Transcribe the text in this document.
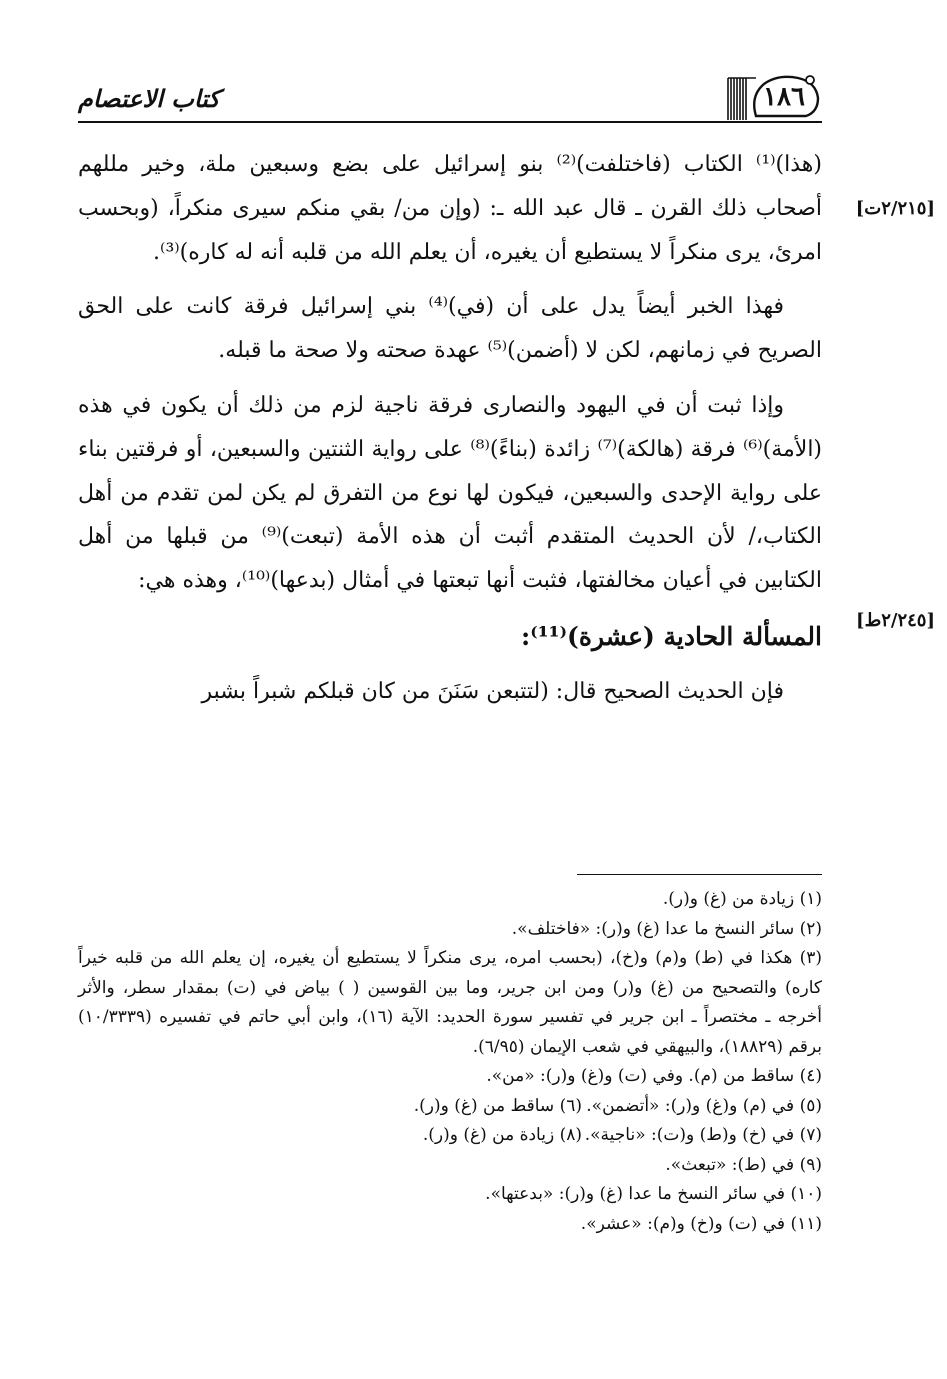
كتاب الاعتصام	١٨٦
[٢/٢١٥ت]
[٢/٢٤٥ط]

(هذا)⁽¹⁾ الكتاب (فاختلفت)⁽²⁾ بنو إسرائيل على بضع وسبعين ملة، وخير مللهم أصحاب ذلك القرن ـ قال عبد الله ـ: (وإن من/ بقي منكم سيرى منكراً، (وبحسب امرئ، يرى منكراً لا يستطيع أن يغيره، أن يعلم الله من قلبه أنه له كاره)⁽³⁾.

فهذا الخبر أيضاً يدل على أن (في)⁽⁴⁾ بني إسرائيل فرقة كانت على الحق الصريح في زمانهم، لكن لا (أضمن)⁽⁵⁾ عهدة صحته ولا صحة ما قبله.

وإذا ثبت أن في اليهود والنصارى فرقة ناجية لزم من ذلك أن يكون في هذه (الأمة)⁽⁶⁾ فرقة (هالكة)⁽⁷⁾ زائدة (بناءً)⁽⁸⁾ على رواية الثنتين والسبعين، أو فرقتين بناء على رواية الإحدى والسبعين، فيكون لها نوع من التفرق لم يكن لمن تقدم من أهل الكتاب،/ لأن الحديث المتقدم أثبت أن هذه الأمة (تبعت)⁽⁹⁾ من قبلها من أهل الكتابين في أعيان مخالفتها، فثبت أنها تبعتها في أمثال (بدعها)⁽¹⁰⁾، وهذه هي:

المسألة الحادية (عشرة)⁽¹¹⁾:

فإن الحديث الصحيح قال: (لتتبعن سَنَنَ من كان قبلكم شبراً بشبر

(١) زيادة من (غ) و(ر).

(٢) سائر النسخ ما عدا (غ) و(ر): «فاختلف».

(٣) هكذا في (ط) و(م) و(خ)، (بحسب امره، يرى منكراً لا يستطيع أن يغيره، إن يعلم الله من قلبه خيراً كاره) والتصحيح من (غ) و(ر) ومن ابن جرير، وما بين القوسين ( ) بياض في (ت) بمقدار سطر، والأثر أخرجه ـ مختصراً ـ ابن جرير في تفسير سورة الحديد: الآية (١٦)، وابن أبي حاتم في تفسيره (١٠/٣٣٣٩) برقم (١٨٨٢٩)، والبيهقي في شعب الإيمان (٦/٩٥).

(٤) ساقط من (م). وفي (ت) و(غ) و(ر): «من».

(٥) في (م) و(غ) و(ر): «أتضمن».

(٦) ساقط من (غ) و(ر).

(٧) في (خ) و(ط) و(ت): «ناجية».

(٨) زيادة من (غ) و(ر).

(٩) في (ط): «تبعث».

(١٠) في سائر النسخ ما عدا (غ) و(ر): «بدعتها».

(١١) في (ت) و(خ) و(م): «عشر».
